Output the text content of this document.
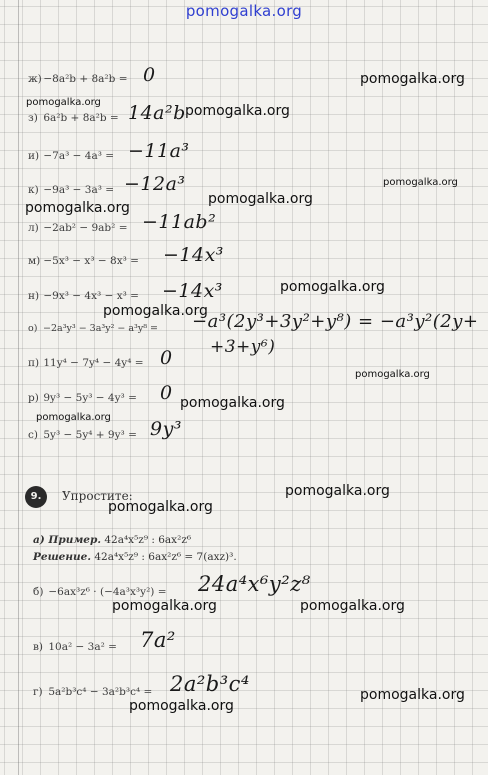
pomogalka.org
ж) −8a²b + 8a²b = 0
з) 6a²b + 8a²b = 14a²b
и) −7a³ − 4a³ = −11a³
к) −9a³ − 3a³ = −12a³
л) −2ab² − 9ab² = −11ab²
м) −5x³ − x³ − 8x³ = −14x³
н) −9x³ − 4x³ − x³ = −14x³
о) −2a³y³ − 3a³y² − a³y⁸ = −a³(2y³+3y²+y⁸) = −a³y²(2y+
+3+y⁶)
п) 11y⁴ − 7y⁴ − 4y⁴ = 0
р) 9y³ − 5y³ − 4y³ = 0
с) 5y³ − 5y⁴ + 9y³ = 9y³
9.	Упростите:
а) Пример. 42a⁴x⁵z⁹ : 6ax²z⁶
Решение. 42a⁴x⁵z⁹ : 6ax²z⁶ = 7(axz)³.
б) −6ax³z⁶ · (−4a³x³y²) = 24a⁴x⁶y²z⁸
в) 10a² − 3a² = 7a²
г) 5a²b³c⁴ − 3a²b³c⁴ = 2a²b³c⁴
pomogalka.org
pomogalka.org
pomogalka.org
pomogalka.org
pomogalka.org
pomogalka.org
pomogalka.org
pomogalka.org
pomogalka.org
pomogalka.org
pomogalka.org
pomogalka.org
pomogalka.org
pomogalka.org	pomogalka.org
pomogalka.org
pomogalka.org
